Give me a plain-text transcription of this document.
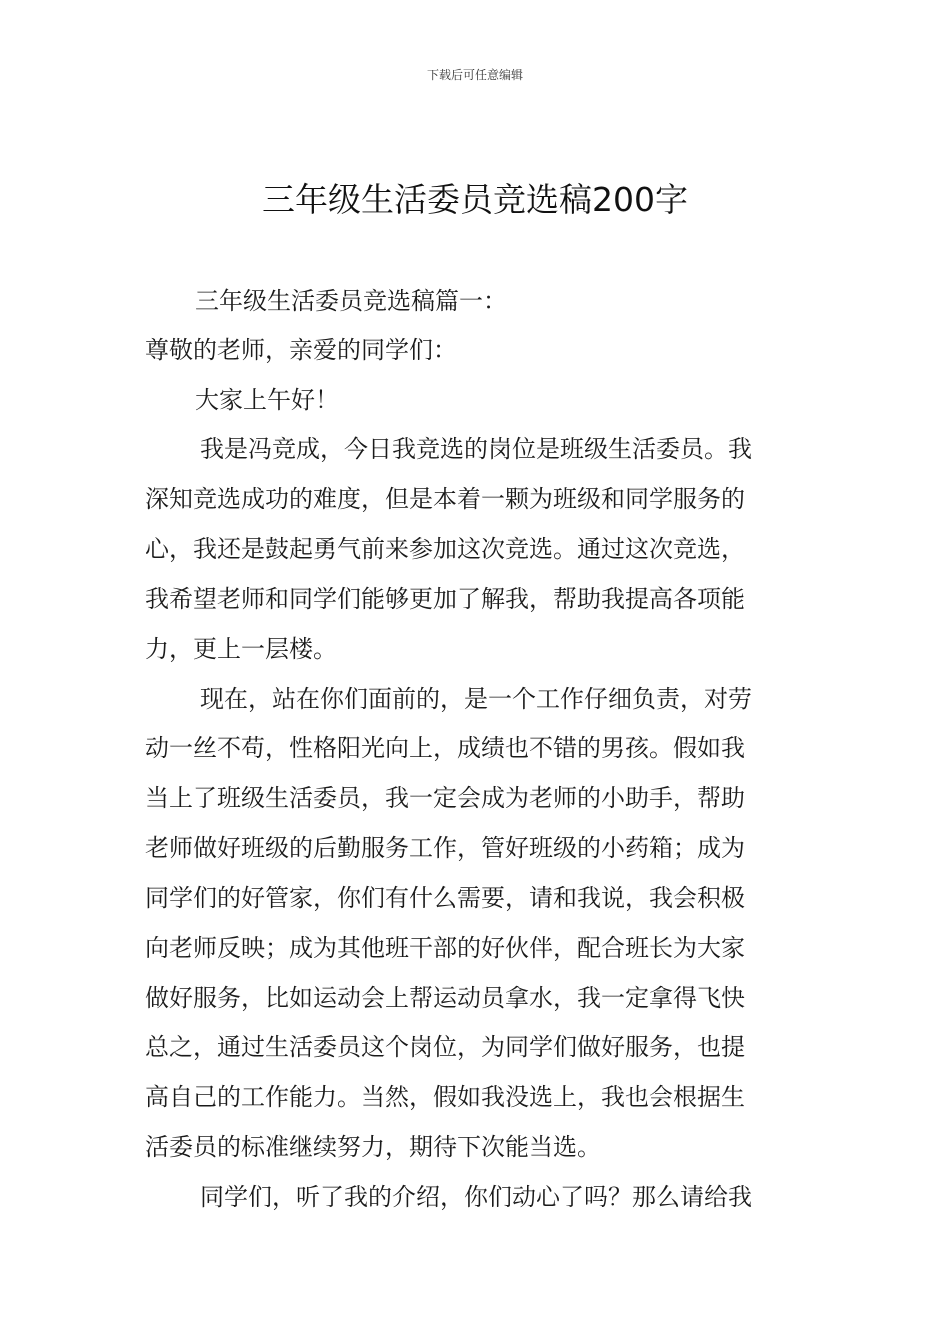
下载后可任意编辑
三年级生活委员竞选稿200字
三年级生活委员竞选稿篇一：
尊敬的老师，亲爱的同学们：
大家上午好！
我是冯竞成，今日我竞选的岗位是班级生活委员。我
深知竞选成功的难度，但是本着一颗为班级和同学服务的
心，我还是鼓起勇气前来参加这次竞选。通过这次竞选，
我希望老师和同学们能够更加了解我，帮助我提高各项能
力，更上一层楼。
现在，站在你们面前的，是一个工作仔细负责，对劳
动一丝不苟，性格阳光向上，成绩也不错的男孩。假如我
当上了班级生活委员，我一定会成为老师的小助手，帮助
老师做好班级的后勤服务工作，管好班级的小药箱；成为
同学们的好管家，你们有什么需要，请和我说，我会积极
向老师反映；成为其他班干部的好伙伴，配合班长为大家
做好服务，比如运动会上帮运动员拿水，我一定拿得飞快
总之，通过生活委员这个岗位，为同学们做好服务，也提
高自己的工作能力。当然，假如我没选上，我也会根据生
活委员的标准继续努力，期待下次能当选。
同学们，听了我的介绍，你们动心了吗？那么请给我
